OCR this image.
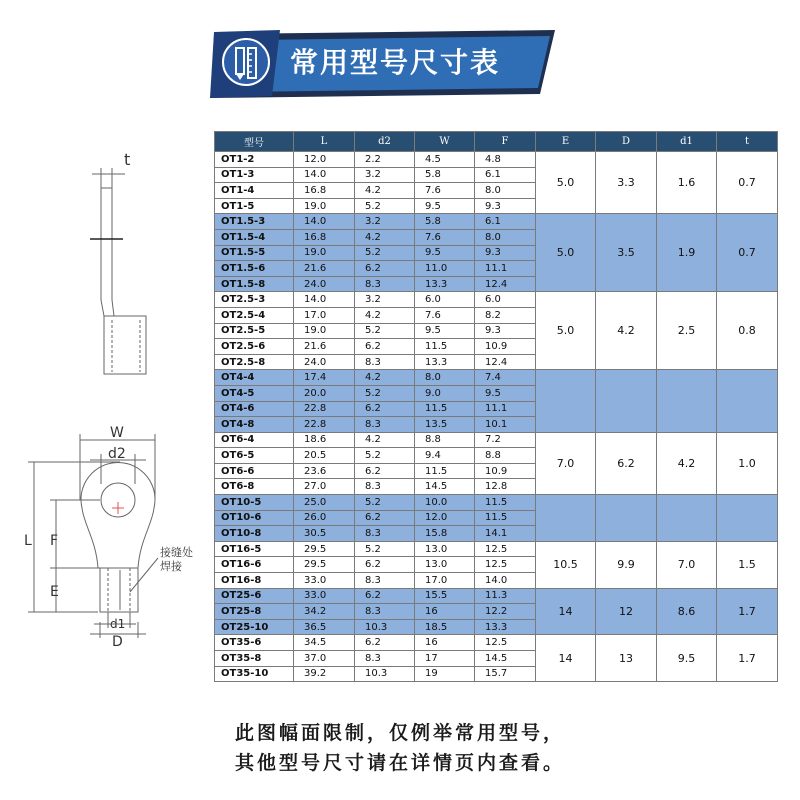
常用型号尺寸表
t
W
d2
L F
E
d1
D
接缝处
焊接
型号	L	d2	W	F	E	D	d1	t
OT1-2	12.0	2.2	4.5	4.8	5.0	3.3	1.6	0.7
OT1-3	14.0	3.2	5.8	6.1				
OT1-4	16.8	4.2	7.6	8.0				
OT1-5	19.0	5.2	9.5	9.3				
OT1.5-3	14.0	3.2	5.8	6.1	5.0	3.5	1.9	0.7
OT1.5-4	16.8	4.2	7.6	8.0				
OT1.5-5	19.0	5.2	9.5	9.3				
OT1.5-6	21.6	6.2	11.0	11.1				
OT1.5-8	24.0	8.3	13.3	12.4				
OT2.5-3	14.0	3.2	6.0	6.0	5.0	4.2	2.5	0.8
OT2.5-4	17.0	4.2	7.6	8.2				
OT2.5-5	19.0	5.2	9.5	9.3				
OT2.5-6	21.6	6.2	11.5	10.9				
OT2.5-8	24.0	8.3	13.3	12.4				
OT4-4	17.4	4.2	8.0	7.4				
OT4-5	20.0	5.2	9.0	9.5				
OT4-6	22.8	6.2	11.5	11.1				
OT4-8	22.8	8.3	13.5	10.1				
OT6-4	18.6	4.2	8.8	7.2	7.0	6.2	4.2	1.0
OT6-5	20.5	5.2	9.4	8.8				
OT6-6	23.6	6.2	11.5	10.9				
OT6-8	27.0	8.3	14.5	12.8				
OT10-5	25.0	5.2	10.0	11.5				
OT10-6	26.0	6.2	12.0	11.5				
OT10-8	30.5	8.3	15.8	14.1				
OT16-5	29.5	5.2	13.0	12.5	10.5	9.9	7.0	1.5
OT16-6	29.5	6.2	13.0	12.5				
OT16-8	33.0	8.3	17.0	14.0				
OT25-6	33.0	6.2	15.5	11.3	14	12	8.6	1.7
OT25-8	34.2	8.3	16	12.2				
OT25-10	36.5	10.3	18.5	13.3				
OT35-6	34.5	6.2	16	12.5	14	13	9.5	1.7
OT35-8	37.0	8.3	17	14.5				
OT35-10	39.2	10.3	19	15.7				
此图幅面限制，仅例举常用型号，
其他型号尺寸请在详情页内查看。
